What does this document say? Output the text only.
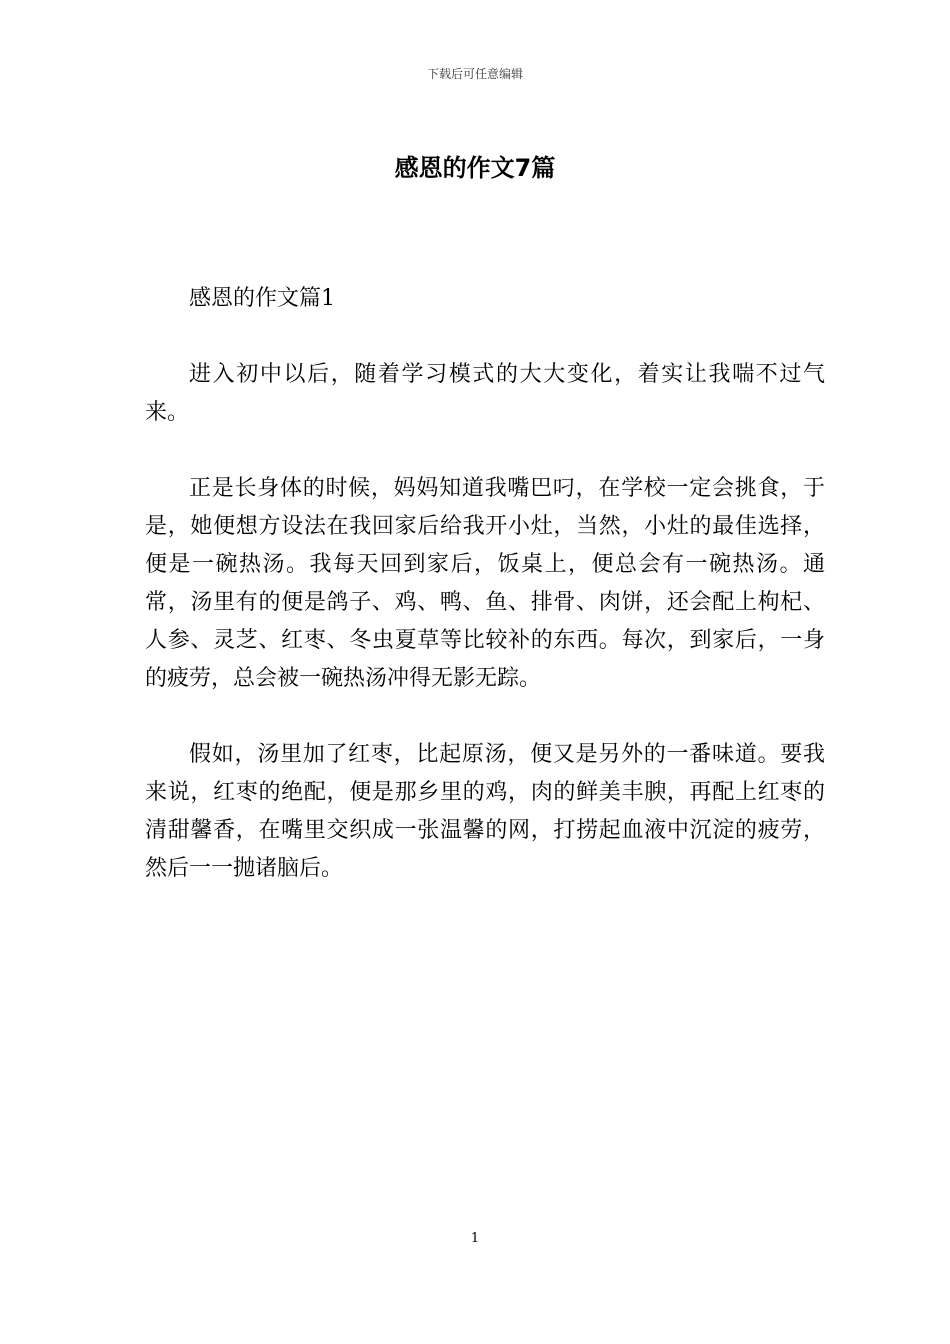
下载后可任意编辑
感恩的作文7篇

感恩的作文篇1

进入初中以后，随着学习模式的大大变化，着实让我喘不过气来。

正是长身体的时候，妈妈知道我嘴巴叼，在学校一定会挑食，于是，她便想方设法在我回家后给我开小灶，当然，小灶的最佳选择，便是一碗热汤。我每天回到家后，饭桌上，便总会有一碗热汤。通常，汤里有的便是鸽子、鸡、鸭、鱼、排骨、肉饼，还会配上枸杞、人参、灵芝、红枣、冬虫夏草等比较补的东西。每次，到家后，一身的疲劳，总会被一碗热汤冲得无影无踪。

假如，汤里加了红枣，比起原汤，便又是另外的一番味道。要我来说，红枣的绝配，便是那乡里的鸡，肉的鲜美丰腴，再配上红枣的清甜馨香，在嘴里交织成一张温馨的网，打捞起血液中沉淀的疲劳，然后一一抛诸脑后。

1
